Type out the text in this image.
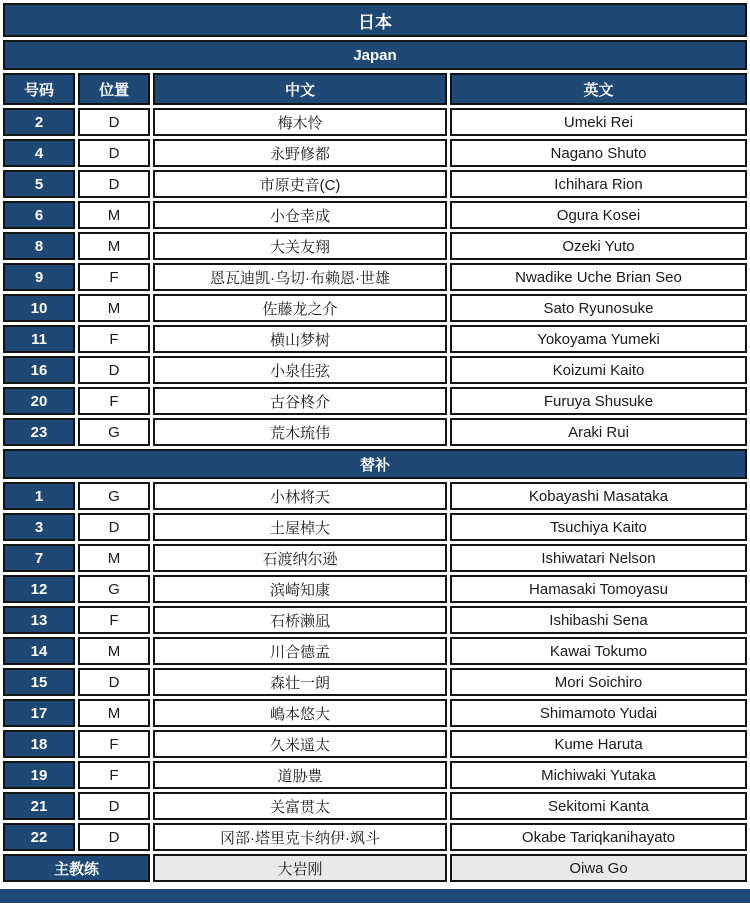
日本			
Japan			
号码	位置	中文	英文
2	D	梅木怜	Umeki Rei
4	D	永野修都	Nagano Shuto
5	D	市原吏音(C)	Ichihara Rion
6	M	小仓幸成	Ogura Kosei
8	M	大关友翔	Ozeki Yuto
9	F	恩瓦迪凯·乌切·布赖恩·世雄	Nwadike Uche Brian Seo
10	M	佐藤龙之介	Sato Ryunosuke
11	F	横山梦树	Yokoyama Yumeki
16	D	小泉佳弦	Koizumi Kaito
20	F	古谷柊介	Furuya Shusuke
23	G	荒木琉伟	Araki Rui
替补			
1	G	小林将天	Kobayashi Masataka
3	D	土屋棹大	Tsuchiya Kaito
7	M	石渡纳尔逊	Ishiwatari Nelson
12	G	滨崎知康	Hamasaki Tomoyasu
13	F	石桥濑凪	Ishibashi Sena
14	M	川合德孟	Kawai Tokumo
15	D	森壮一朗	Mori Soichiro
17	M	嶋本悠大	Shimamoto Yudai
18	F	久米遥太	Kume Haruta
19	F	道胁豊	Michiwaki Yutaka
21	D	关富贯太	Sekitomi Kanta
22	D	冈部·塔里克卡纳伊·飒斗	Okabe Tariqkanihayato
主教练		大岩刚	Oiwa Go
